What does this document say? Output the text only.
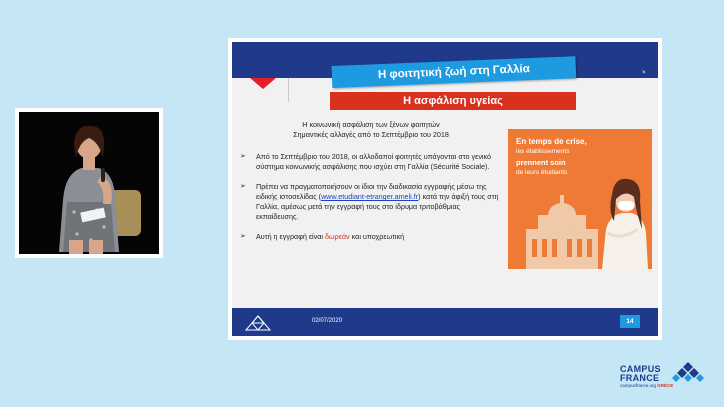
Η φοιτητική ζωή στη Γαλλία	×
Η ασφάλιση υγείας
Η κοινωνική ασφάλιση των ξένων φοιτητών
Σημαντικές αλλαγές από το Σεπτέμβριο του 2018
➢	Από το Σεπτέμβριο του 2018, οι αλλοδαποί φοιτητές υπάγονται στο γενικό σύστημα κοινωνικής ασφάλισης που ισχύει στη Γαλλία (Sécurité Sociale).
➢	Πρέπει να πραγματοποιήσουν οι ίδιοι την διαδικασία εγγραφής μέσω της ειδικής ιστοσελίδας (www.etudiant-etranger.ameli.fr) κατά την άφιξή τους στη Γαλλία, αμέσως μετά την εγγραφή τους στο ίδρυμα τριτοβάθμιας εκπαίδευσης.
➢	Αυτή η εγγραφή είναι δωρεάν και υποχρεωτική
En temps de crise,
les établissements
prennent soin
de leurs étudiants
02/07/2020	14
CAMPUS
FRANCE
campusfrance.org GRÈCE
